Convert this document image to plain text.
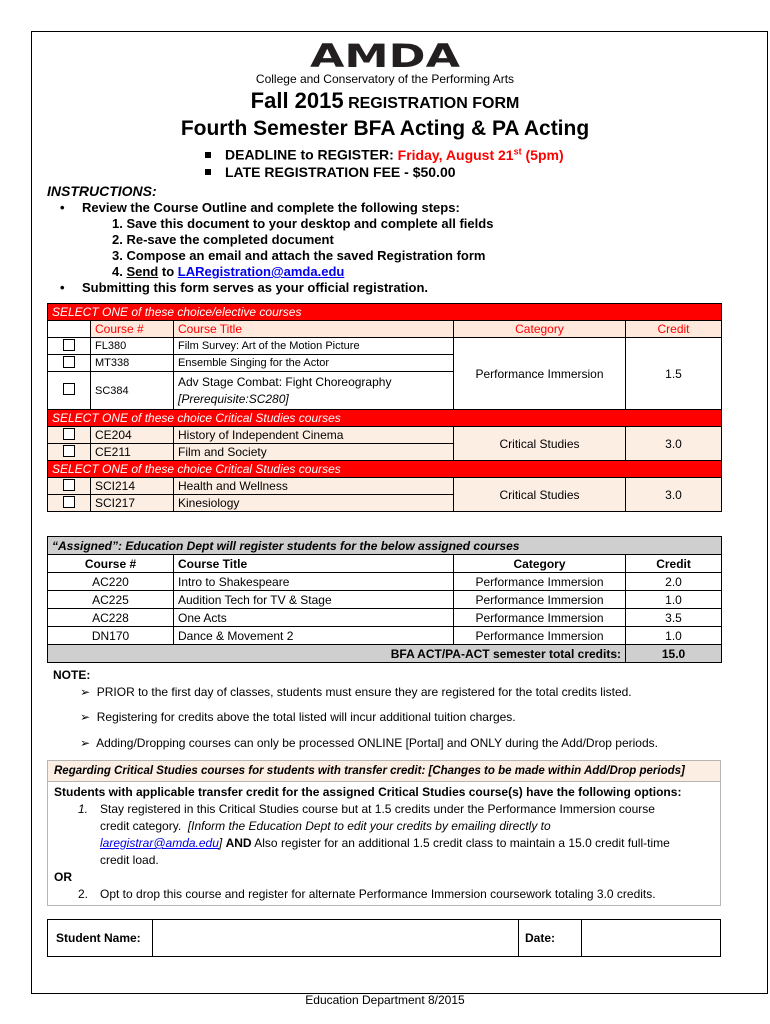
AMDA
College and Conservatory of the Performing Arts
Fall 2015 REGISTRATION FORM
Fourth Semester BFA Acting & PA Acting
DEADLINE to REGISTER: Friday, August 21st (5pm)
LATE REGISTRATION FEE - $50.00
INSTRUCTIONS:
• Review the Course Outline and complete the following steps:
1. Save this document to your desktop and complete all fields
2. Re-save the completed document
3. Compose an email and attach the saved Registration form
4. Send to LARegistration@amda.edu
• Submitting this form serves as your official registration.
SELECT ONE of these choice/elective courses				
	Course #	Course Title	Category	Credit
	FL380	Film Survey: Art of the Motion Picture	Performance Immersion	1.5
	MT338	Ensemble Singing for the Actor		
	SC384	Adv Stage Combat: Fight Choreography
[Prerequisite:SC280]		

SELECT ONE of these choice Critical Studies courses				
	CE204	History of Independent Cinema	Critical Studies	3.0
	CE211	Film and Society		
SELECT ONE of these choice Critical Studies courses				
	SCI214	Health and Wellness	Critical Studies	3.0
	SCI217	Kinesiology		
“Assigned”: Education Dept will register students for the below assigned courses			
Course #	Course Title	Category	Credit
AC220	Intro to Shakespeare	Performance Immersion	2.0
AC225	Audition Tech for TV & Stage	Performance Immersion	1.0
AC228	One Acts	Performance Immersion	3.5
DN170	Dance & Movement 2	Performance Immersion	1.0
BFA ACT/PA-ACT semester total credits:			15.0
NOTE:
➢ PRIOR to the first day of classes, students must ensure they are registered for the total credits listed.
➢ Registering for credits above the total listed will incur additional tuition charges.
➢ Adding/Dropping courses can only be processed ONLINE [Portal] and ONLY during the Add/Drop periods.
Regarding Critical Studies courses for students with transfer credit: [Changes to be made within Add/Drop periods]
Students with applicable transfer credit for the assigned Critical Studies course(s) have the following options:
1. Stay registered in this Critical Studies course but at 1.5 credits under the Performance Immersion course
credit category. [Inform the Education Dept to edit your credits by emailing directly to
laregistrar@amda.edu] AND Also register for an additional 1.5 credit class to maintain a 15.0 credit full-time
credit load.
OR
2. Opt to drop this course and register for alternate Performance Immersion coursework totaling 3.0 credits.
Student Name:		Date:	
Education Department 8/2015
